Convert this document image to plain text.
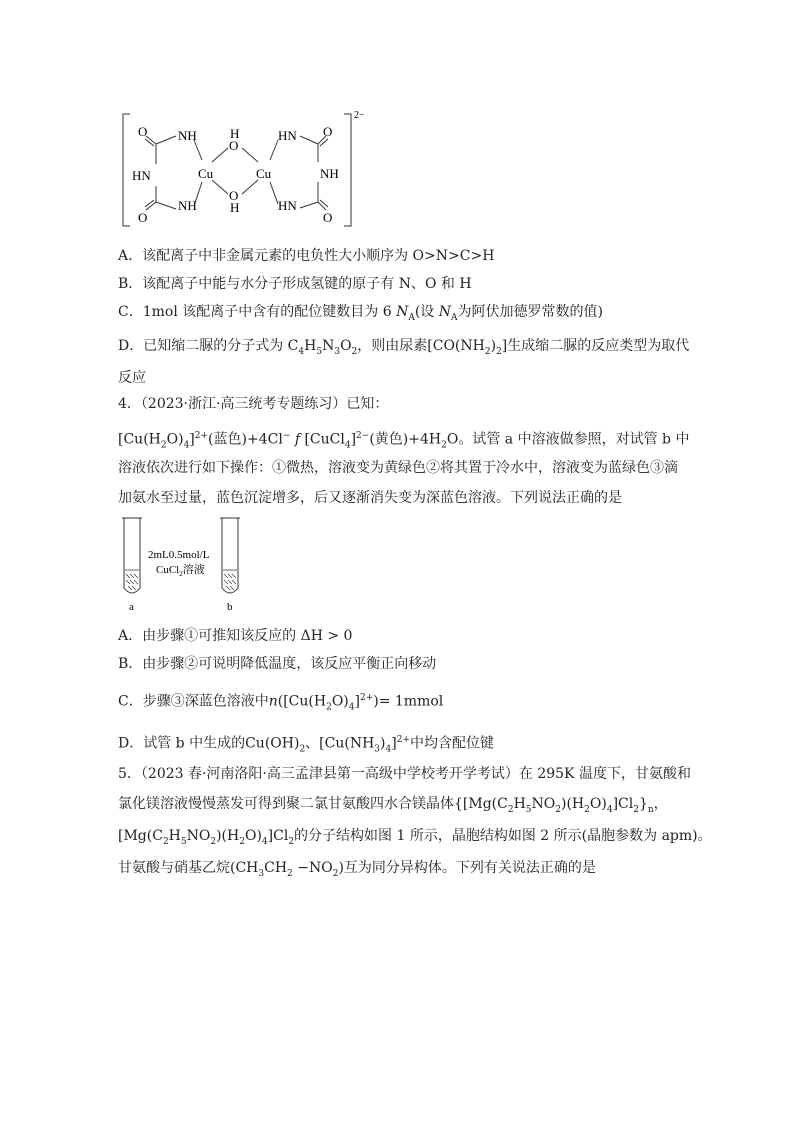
2−
O NH
HN	Cu
NH
O
H
O
O
H
Cu
HN O
NH
HN
O
A．该配离子中非金属元素的电负性大小顺序为 O>N>C>H
B．该配离子中能与水分子形成氢键的原子有 N、O 和 H
C．1mol 该配离子中含有的配位键数目为 6 $N_A$(设 $N_A$为阿伏加德罗常数的值)
D．已知缩二脲的分子式为 $C_4H_5N_3O_2$，则由尿素$[CO(NH_2)_2]$生成缩二脲的反应类型为取代
反应
4．（2023·浙江·高三统考专题练习）已知：
$[Cu(H_2O)_4]^{2+}$(蓝色)+4Cl− f [CuCl$_4$]$^{2-}$(黄色)$+4H_2O$。试管 a 中溶液做参照，对试管 b 中
溶液依次进行如下操作：①微热，溶液变为黄绿色②将其置于冷水中，溶液变为蓝绿色③滴
加氨水至过量，蓝色沉淀增多，后又逐渐消失变为深蓝色溶液。下列说法正确的是
2mL0.5mol/L
CuCl$_2$溶液
a	b
A．由步骤①可推知该反应的 ΔH > 0
B．由步骤②可说明降低温度，该反应平衡正向移动
C．步骤③深蓝色溶液中$n([Cu(H_2O)_4]^{2+})=$ 1mmol
D．试管 b 中生成的$Cu(OH)_2$、$[Cu(NH_3)_4]^{2+}$中均含配位键
5．（2023 春·河南洛阳·高三孟津县第一高级中学校考开学考试）在 295K 温度下，甘氨酸和
氯化镁溶液慢慢蒸发可得到聚二氯甘氨酸四水合镁晶体$\{[Mg(C_2H_5NO_2)(H_2O)_4]Cl_2\}_n$，
$[Mg(C_2H_5NO_2)(H_2O)_4]Cl_2$的分子结构如图 1 所示，晶胞结构如图 2 所示(晶胞参数为 apm)。
甘氨酸与硝基乙烷$(CH_3CH_2 -NO_2)$互为同分异构体。下列有关说法正确的是
